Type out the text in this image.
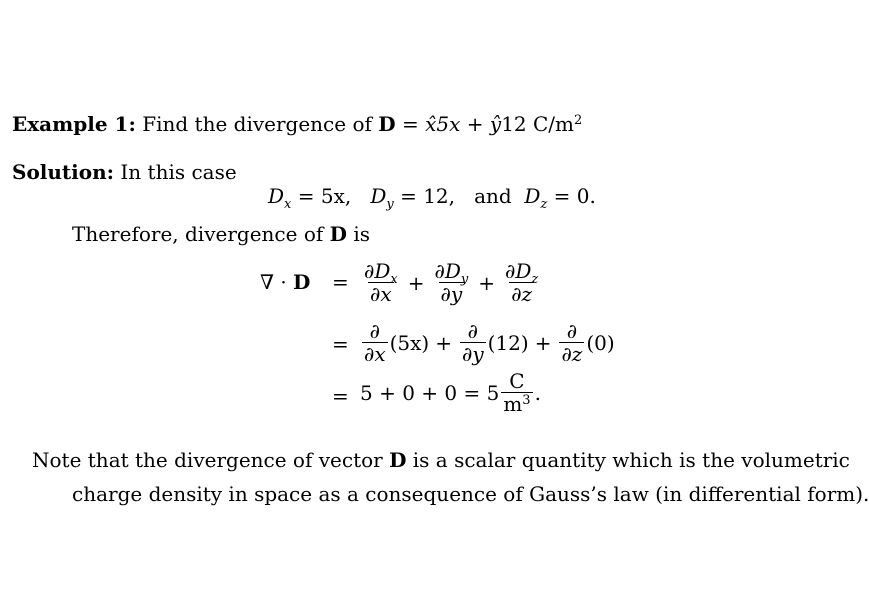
Example 1: Find the divergence of D = x̂5x + ŷ12 $C/m^2$
Solution: In this case
$D_x = 5x$, $D_y = 12$, and $D_z = 0$.
Therefore, divergence of D is
∇ · $D = \frac{\partial D_x}{\partial x} + \frac{\partial D_y}{\partial y} + \frac{\partial D_z}{\partial z}$
= $\frac{\partial}{\partial x} (5x) + \frac{\partial}{\partial y} (12) + \frac{\partial}{\partial z} (0)$
= $5 + 0 + 0 = 5 \frac{C}{m^3}$ .
Note that the divergence of vector D is a scalar quantity which is the volumetric
charge density in space as a consequence of Gauss’s law (in differential form).
